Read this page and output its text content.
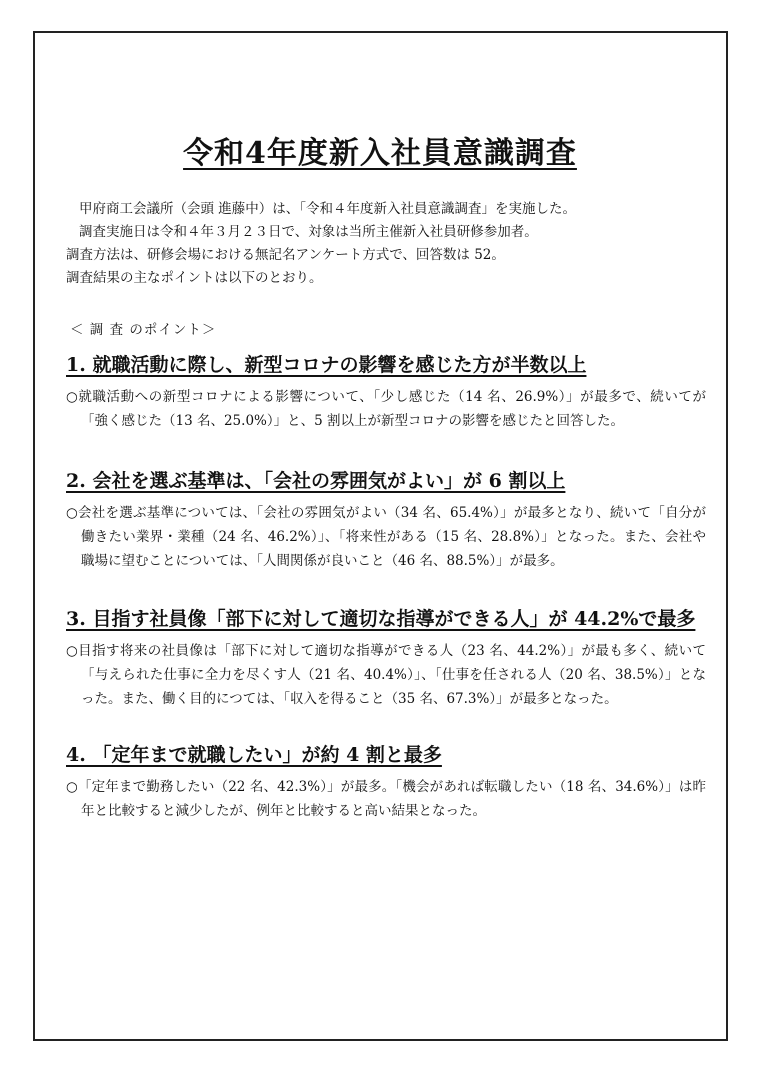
令和4年度新入社員意識調査

甲府商工会議所（会頭 進藤中）は、「令和４年度新入社員意識調査」を実施した。

調査実施日は令和４年３月２３日で、対象は当所主催新入社員研修参加者。

調査方法は、研修会場における無記名アンケート方式で、回答数は 52。

調査結果の主なポイントは以下のとおり。

＜ 調 査 のポイント＞

1. 就職活動に際し、新型コロナの影響を感じた方が半数以上

○就職活動への新型コロナによる影響について、「少し感じた（14 名、26.9%）」が最多で、続いてが「強く感じた（13 名、25.0%）」と、5 割以上が新型コロナの影響を感じたと回答した。

2. 会社を選ぶ基準は、「会社の雰囲気がよい」が 6 割以上

○会社を選ぶ基準については、「会社の雰囲気がよい（34 名、65.4%）」が最多となり、続いて「自分が働きたい業界・業種（24 名、46.2%）」、「将来性がある（15 名、28.8%）」となった。また、会社や職場に望むことについては、「人間関係が良いこと（46 名、88.5%）」が最多。

3. 目指す社員像「部下に対して適切な指導ができる人」が 44.2%で最多

○目指す将来の社員像は「部下に対して適切な指導ができる人（23 名、44.2%）」が最も多く、続いて「与えられた仕事に全力を尽くす人（21 名、40.4%）」、「仕事を任される人（20 名、38.5%）」となった。また、働く目的につては、「収入を得ること（35 名、67.3%）」が最多となった。

4. 「定年まで就職したい」が約 4 割と最多

○「定年まで勤務したい（22 名、42.3%）」が最多。「機会があれば転職したい（18 名、34.6%）」は昨年と比較すると減少したが、例年と比較すると高い結果となった。
